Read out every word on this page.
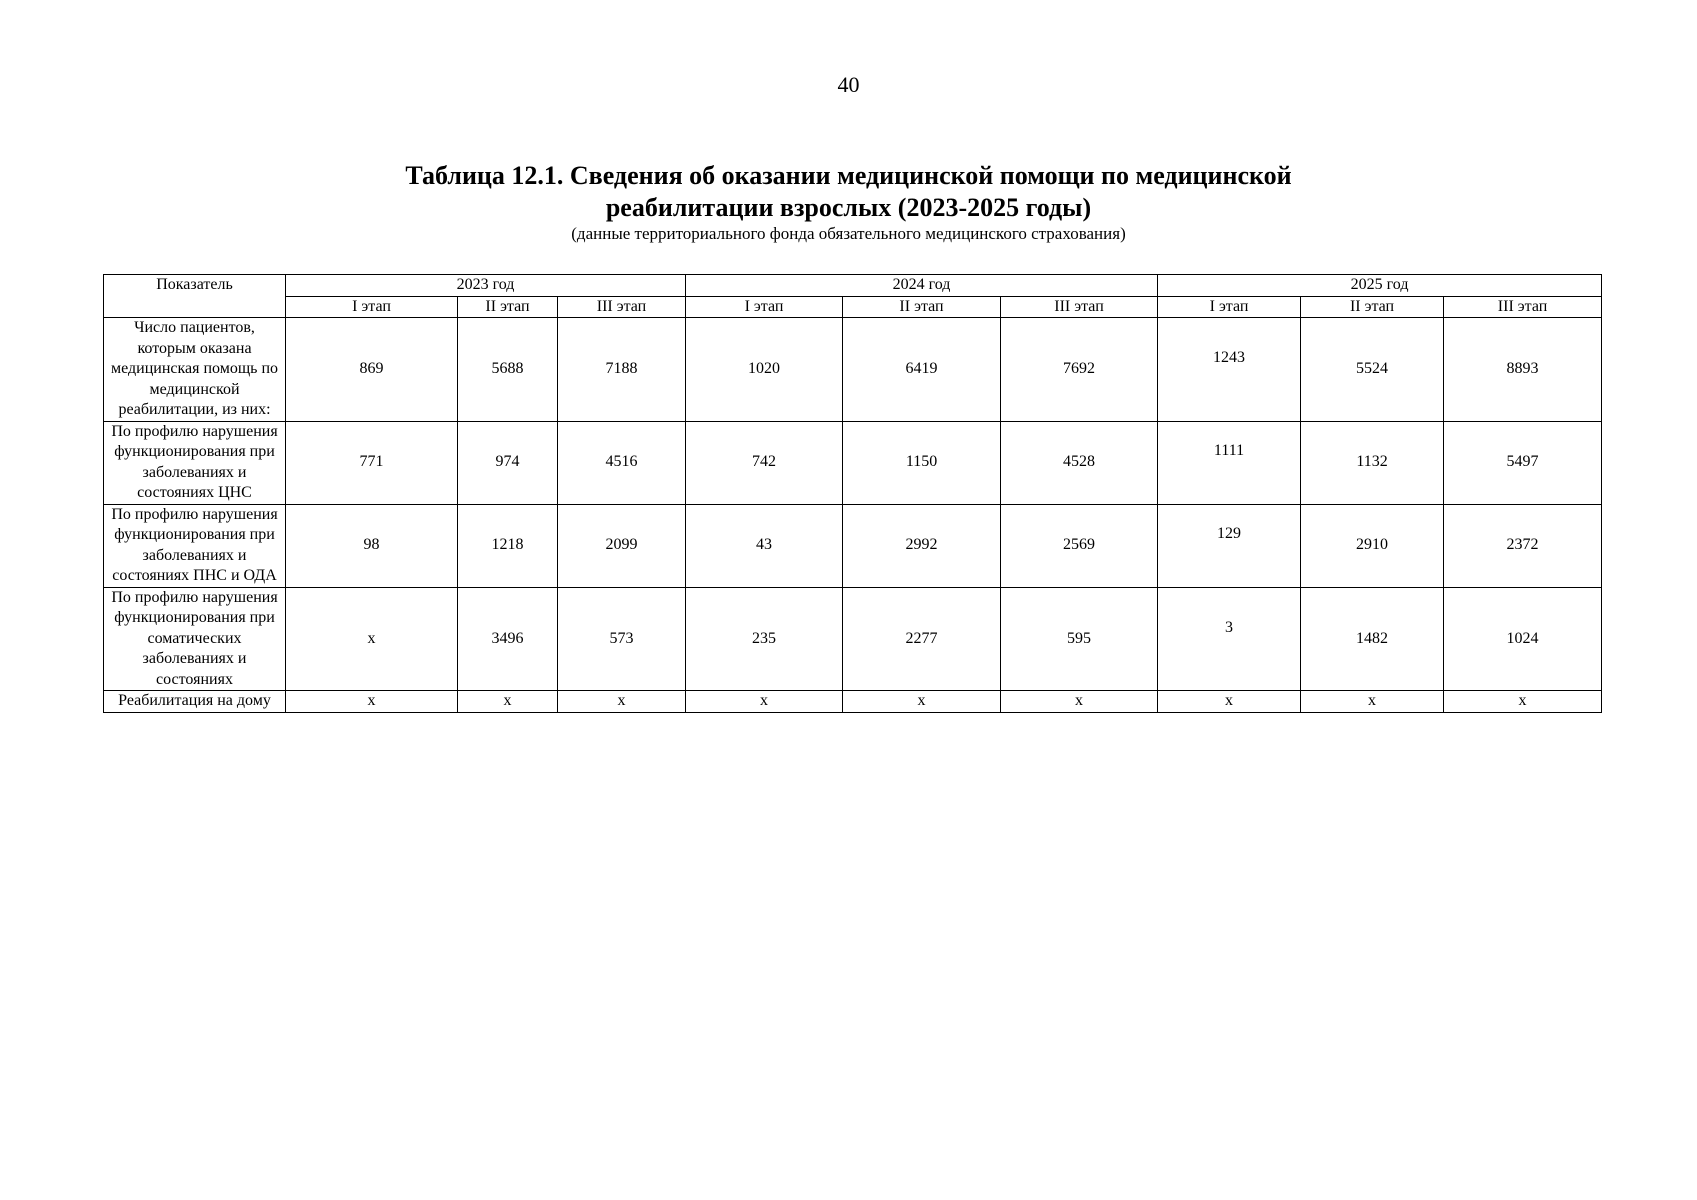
40
Таблица 12.1. Сведения об оказании медицинской помощи по медицинской
реабилитации взрослых (2023-2025 годы)
(данные территориального фонда обязательного медицинского страхования)
Показатель	2023 год			2024 год			2025 год		
	I этап	II этап	III этап	I этап	II этап	III этап	I этап	II этап	III этап
Число пациентов, которым оказана медицинская помощь по медицинской реабилитации, из них:	869	5688	7188	1020	6419	7692	1243	5524	8893
По профилю нарушения функционирования при заболеваниях и состояниях ЦНС	771	974	4516	742	1150	4528	1111	1132	5497
По профилю нарушения функционирования при заболеваниях и состояниях ПНС и ОДА	98	1218	2099	43	2992	2569	129	2910	2372
По профилю нарушения функционирования при соматических заболеваниях и состояниях	х	3496	573	235	2277	595	3	1482	1024
Реабилитация на дому	х	х	х	х	х	х	х	х	х
